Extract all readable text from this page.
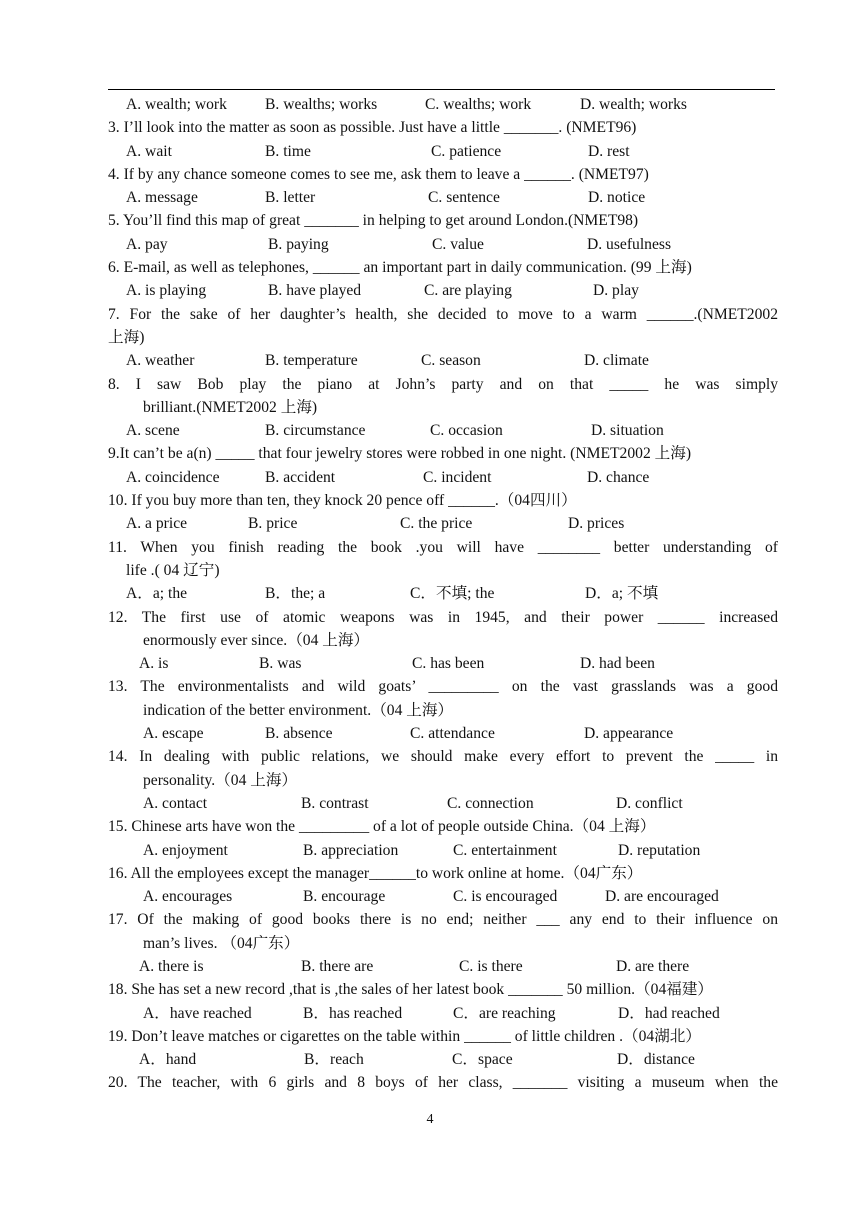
A. wealth; work B. wealths; works	C. wealths; work	D. wealth; works
3. I’ll look into the matter as soon as possible. Just have a little _______. (NMET96)
A. wait	B. time	C. patience	D. rest
4. If by any chance someone comes to see me, ask them to leave a ______. (NMET97)
A. message	B. letter	C. sentence	D. notice
5. You’ll find this map of great _______ in helping to get around London.(NMET98)
A. pay	B. paying	C. value	D. usefulness
6. E-mail, as well as telephones, ______ an important part in daily communication. (99 上海)
A. is playing	B. have played	C. are playing	D. play
7. For the sake of her daughter’s health, she decided to move to a warm ______.(NMET2002
上海)
A. weather	B. temperature	C. season	D. climate
8. I saw Bob play the piano at John’s party and on that _____ he was simply
brilliant.(NMET2002 上海)
A. scene	B. circumstance	C. occasion	D. situation
9.It can’t be a(n) _____ that four jewelry stores were robbed in one night. (NMET2002 上海)
A. coincidence	B. accident	C. incident	D. chance
10. If you buy more than ten, they knock 20 pence off ______.（04四川）
A. a price	B. price	C. the price	D. prices
11. When you finish reading the book .you will have ________ better understanding of
life .( 04 辽宁)
A．a; the	B．the; a	C．不填; the	D．a; 不填
12. The first use of atomic weapons was in 1945, and their power ______ increased
enormously ever since.（04 上海）
A. is	B. was	C. has been	D. had been
13. The environmentalists and wild goats’ _________ on the vast grasslands was a good
indication of the better environment.（04 上海）
A. escape	B. absence	C. attendance	D. appearance
14. In dealing with public relations, we should make every effort to prevent the _____ in
personality.（04 上海）
A. contact	B. contrast	C. connection	D. conflict
15. Chinese arts have won the _________ of a lot of people outside China.（04 上海）
A. enjoyment	B. appreciation	C. entertainment	D. reputation
16. All the employees except the manager______to work online at home.（04广东）
A. encourages	B. encourage	C. is encouraged	D. are encouraged
17. Of the making of good books there is no end; neither ___ any end to their influence on
man’s lives. （04广东）
A. there is	B. there are	C. is there	D. are there
18. She has set a new record ,that is ,the sales of her latest book _______ 50 million.（04福建）
A．have reached	B．has reached	C．are reaching	D．had reached
19. Don’t leave matches or cigarettes on the table within ______ of little children .（04湖北）
A．hand	B．reach	C．space	D．distance
20. The teacher, with 6 girls and 8 boys of her class, _______ visiting a museum when the
4
